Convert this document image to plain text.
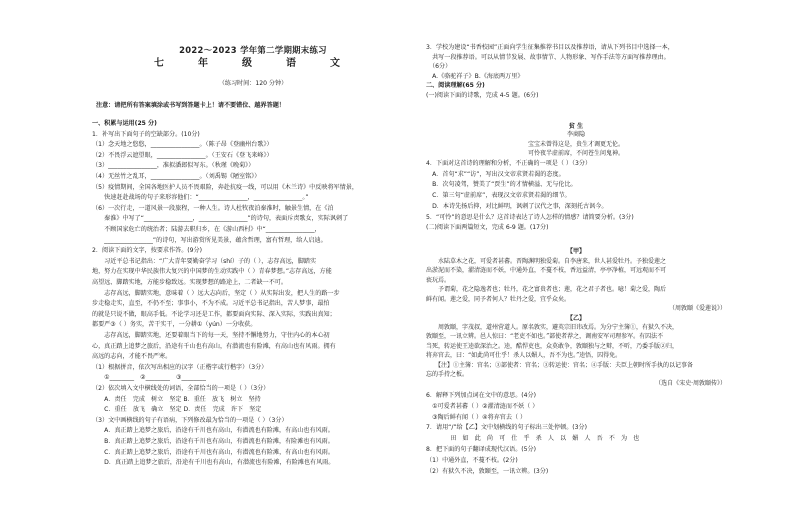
2022～2023 学年第二学期期末练习
七　年　级　语　文
（练习时间：120 分钟）
注意：请把所有答案填涂或书写到答题卡上！请不要错位、越界答题！
一、积累与运用(25 分)
1．补写出下面句子的空缺部分。(10分)
（1）念天地之悠悠，________________。（陈子昂《登幽州台歌》）
（2）不畏浮云遮望眼，________________。（王安石《登飞来峰》）
（3）________________，准拟潘郎似写东。（秋瑾《晚菊》）
（4）无丝竹之乱耳，________________。（刘禹锡《陋室铭》）
（5）疫情期间，全国各地医护人员不畏艰险，奔赴抗疫一线，可以用《木兰诗》中反映将军情景，
　　快速赶赴战场的句子来形容他们：“________________，________________。”
（6）一次行走，一道风景一段旅程，一种人生。诗人杜牧夜泊秦淮时，触景生情，在《泊
　　秦淮》中写了“________________，________________”的诗句，表面斥责歌女，实际讽刺了
　　不顾国家危亡的统治者；陆游去职归乡，在《游山西村》中“________________，
　　________________”的诗句，写出游赏所见美景，蕴含哲理，富有哲理，给人启迪。
2．阅读下面的文字，按要求作答。(9分)
　　习近平总书记指出：“广大青年要勤奋学习（shí）子的（ ），志存高远，脚踏实
地，努力在实现中华民族伟大复兴的中国梦的生动实践中（ ）青春梦想。”志存高远，方能
高望远、脚踏实地，方能步稳致远。实现梦想的路途上，二者缺一不可。
　　志存高远，脚踏实地，意味着（ ）远大志向后，坚定（ ）从实际出发，把人生的路一步
步走稳走实，直至，不仍不至；事事小，不为不成。习近平总书记指出，苦人梦事，最怕
的就是只说不做，眼高手低。不论学习还是工作，都要面向实际、深入实际，实践出真知；
都要严③（ ）务实，苦干实干，一分耕①（yún）一分收获。
　　志存高远，脚踏实地，还要着眼当下的每一天，坚持不懈地努力，守住内心的本心初
心，真正踏上追梦之旅后，沿途有千山也有高山，有潜流也有险滩，有高山也有风雨。拥有
高远的志向，才能不畏严寒。
（1）根据拼音，依次写出相应的汉字（正楷字或行楷字）（3分）
　　①________　②________　③________
（2）依次填入文中横线处的词语，全部恰当的一项是（ ）（3分）
　　A．责任　完成　树立　坚定 B．重任　放飞　树立　坚持
　　C．重任　放飞　确立　坚定 D．责任　完成　许下　坚定
（3）文中画横线的句子有语病，下列修改最为恰当的一项是（ ）（3分）
　　A．真正踏上追梦之旅后，沿途有千川也有高山，有潜流也有险滩，有高山也有风雨。
　　B．真正踏上追梦之旅后，沿途有千川也有高山，有潜流也有险滩，有险滩也有风雨。
　　C．真正踏上追梦之旅后，沿途有千川也有高山，有潜流也有险滩，有高山也有风雨。
　　D．真正踏上追梦之旅后，沿途有千川也有高山，有潜流也有险滩，有险滩也有风雨。
3．学校为建设“书香校园”正面向学生征集推荐书目以及推荐语，请从下列书目中选择一本，
　共写一段推荐语。可以从情节发展、故事情节、人物形象、写作手法等方面写推荐理由。
　（6分）
　A.《骆驼祥子》B.《海底两万里》
二、阅读理解(65 分)
(一)阅读下面的诗歌，完成 4-5 题。(6分)
贫 生
李商隐
宝宝未曾得这是，贵生才调更无伦。
可怜夜半虚前席，不问苍生问鬼神。
4．下面对这首诗的理解和分析，不正确的一项是（ ）（3分）
　A．首句“求”“访”，写出汉文帝求贤若渴的态度。
　B．次句凌驾，赞美了“贾生”的才情横溢、无与伦比。
　C．第三句“虚前席”，表现汉文帝求贤若渴的细节。
　D．本诗先扬后抑，对比鲜明，讽刺了汉代之事，深刻托古讽今。
5．“可怜”的意思是什么？这首诗表达了诗人怎样的情感？请简要分析。(3分)
(二)阅读下面两篇短文，完成 6-9 题。(17分)
【甲】
　　水陆草木之花，可爱者甚蕃。晋陶渊明独爱菊。自李唐来，世人甚爱牡丹。予独爱莲之
出淤泥而不染，濯清涟而不妖，中通外直，不蔓不枝，香远益清，亭亭净植，可远观而不可
亵玩焉。
　　予谓菊，花之隐逸者也；牡丹，花之富贵者也；莲，花之君子者也。噫！菊之爱，陶后
鲜有闻。莲之爱，同予者何人？牡丹之爱，宜乎众矣。
（周敦颐《爱莲说》）
【乙】
　　周敦颐，字茂叔，道州营道人。原名敦实，避英宗旧讳改焉。为分宁主簿①，有狱久不决，
敦颐至，一讯立辨。邑人惊曰：“老吏不如也。”部使者荐之，调南安军司理参军。有囚法不
当死，转运使王逵欲深治之。逵，酷悍吏也，众莫敢争，敦颐独与之辩，不听，乃委手版②归，
将弃官去，曰：“如此尚可仕乎！杀人以媚人，吾不为也。”逵悟，囚得免。
　　【注】①主簿：官名；③部使者：官名；③转运使：官名；④手版：夫臣上朝时所手执的以记事备
忘的手持之板。
（选自《宋史·周敦颐传》）
6．解释下列加点词在文中的意思。(4分)
　①可爱者甚蕃（ ）②濯清涟而不妖（ ）
　③陶后鲜有闻（ ）④将弃官去（ ）
7．请用“/”给【乙】文中划横线的句子标出三处停顿。(3分)
　　　　田　如　此　尚　可　仕　乎　杀　人　以　媚　人　吾　不　为　也
8．把下面的句子翻译成现代汉语。(5分)
（1）中通外直，不蔓不枝。(2分)
（2）有狱久不决，敦颐至，一讯立辨。(3分)
